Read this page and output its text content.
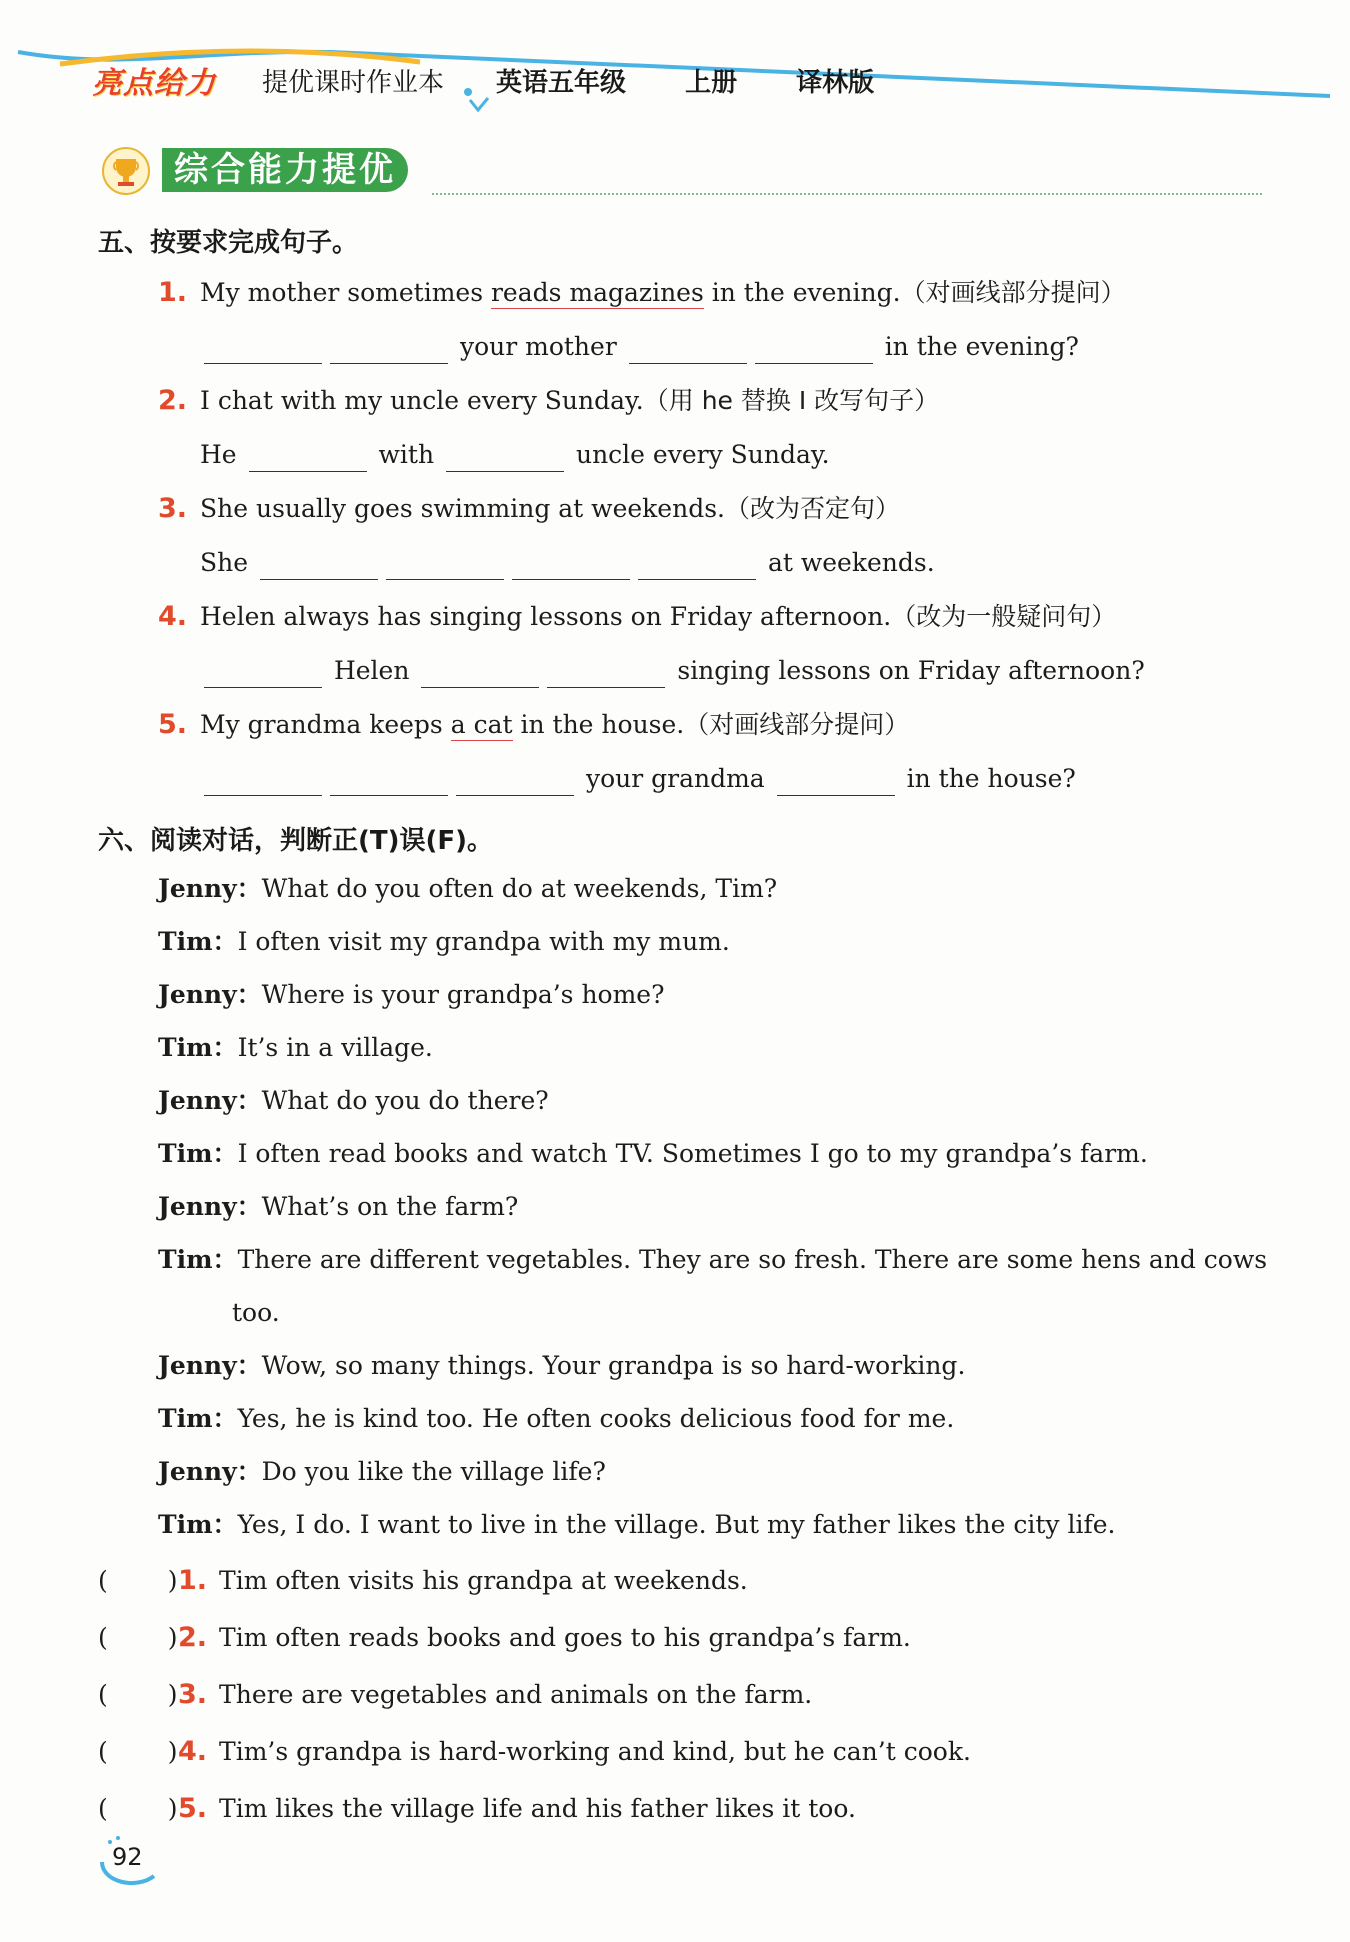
亮点给力 提优课时作业本 英语五年级 上册 译林版
综合能力提优
五、按要求完成句子。
1. My mother sometimes reads magazines in the evening.（对画线部分提问）
your mother	in the evening?
2. I chat with my uncle every Sunday.（用 he 替换 I 改写句子）
He	with	uncle every Sunday.
3. She usually goes swimming at weekends.（改为否定句）
She	at weekends.
4. Helen always has singing lessons on Friday afternoon.（改为一般疑问句）
Helen	singing lessons on Friday afternoon?
5. My grandma keeps a cat in the house.（对画线部分提问）
your grandma	in the house?
六、阅读对话，判断正(T)误(F)。
Jenny：What do you often do at weekends, Tim?
Tim：I often visit my grandpa with my mum.
Jenny：Where is your grandpa’s home?
Tim：It’s in a village.
Jenny：What do you do there?
Tim：I often read books and watch TV. Sometimes I go to my grandpa’s farm.
Jenny：What’s on the farm?
Tim：There are different vegetables. They are so fresh. There are some hens and cows
too.
Jenny：Wow, so many things. Your grandpa is so hard-working.
Tim：Yes, he is kind too. He often cooks delicious food for me.
Jenny：Do you like the village life?
Tim：Yes, I do. I want to live in the village. But my father likes the city life.
( )1. Tim often visits his grandpa at weekends.
( )2. Tim often reads books and goes to his grandpa’s farm.
( )3. There are vegetables and animals on the farm.
( )4. Tim’s grandpa is hard-working and kind, but he can’t cook.
( )5. Tim likes the village life and his father likes it too.
92
